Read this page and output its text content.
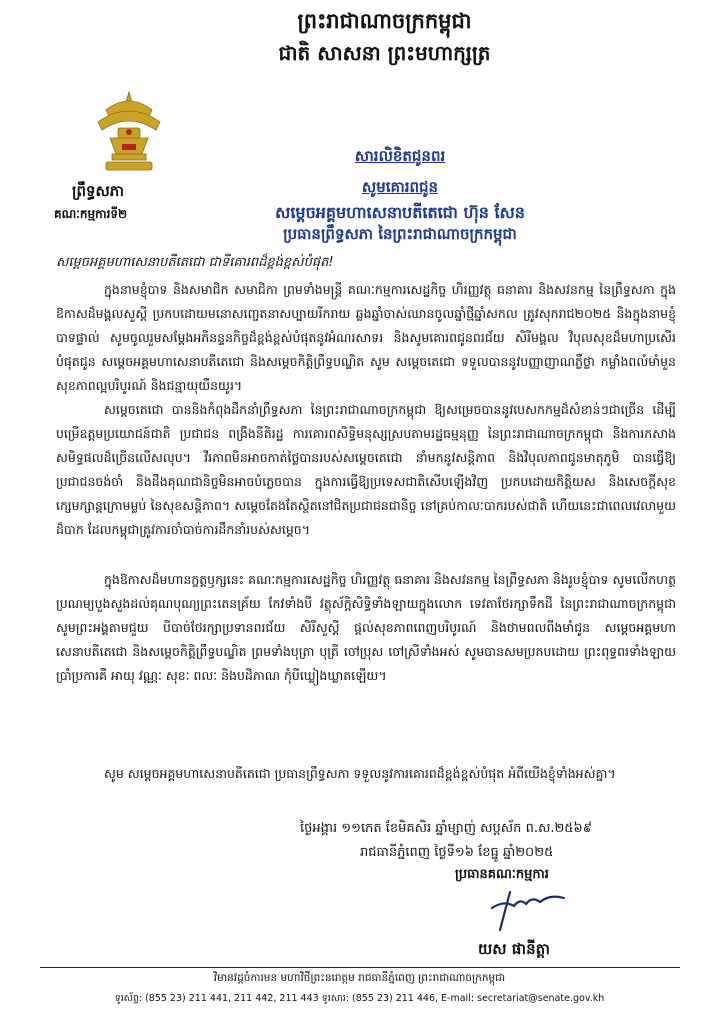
ព្រះរាជាណាចក្រកម្ពុជា
ជាតិ សាសនា ព្រះមហាក្សត្រ
ព្រឹទ្ធសភា
គណៈកម្មការទី២
សារលិខិតជូនពរ
សូមគោរពជូន
សម្ដេចអគ្គមហាសេនាបតីតេជោ ហ៊ុន សែន
ប្រធានព្រឹទ្ធសភា នៃព្រះរាជាណាចក្រកម្ពុជា
សម្ដេចអគ្គមហាសេនាបតីតេជោ ជាទីគោរពដ៏ខ្ពង់ខ្ពស់បំផុត!
ក្នុងនាមខ្ញុំបាទ និងសមាជិក សមាជិកា ព្រមទាំងមន្ត្រី គណៈកម្មការសេដ្ឋកិច្ច ហិរញ្ញវត្ថុ ធនាគារ និងសវនកម្ម នៃព្រឹទ្ធសភា ក្នុងឱកាសដ៏មង្គលសួស្ដី ប្រកបដោយមនោសញ្ចេតនាសប្បាយរីករាយ ឆ្លងឆ្នាំចាស់ឈានចូលឆ្នាំថ្មីឆ្នាំសកល ត្រូវសុករាជ២០២៥ និងក្នុងនាមខ្ញុំបាទផ្ទាល់ សូមចូលរួមសម្ដែងអភិនន្ទនកិច្ចដ៏ខ្ពង់ខ្ពស់បំផុតនូវអំណរសាទរ និងសូមគោរពជូនពរជ័យ សិរីមង្គល វិបុលសុខដ៏មហាប្រសើរបំផុតជូន សម្ដេចអគ្គមហាសេនាបតីតេជោ និងសម្ដេចកិត្តិព្រឹទ្ធបណ្ឌិត សូម សម្ដេចតេជោ ទទួលបាននូវបញ្ញាញាណភ្លឺថ្លា កម្លាំងពលំមាំមួន សុខភាពល្អបរិបូរណ៍ និងជន្មាយុយឺនយូរ។
សម្ដេចតេជោ បាននិងកំពុងដឹកនាំព្រឹទ្ធសភា នៃព្រះរាជាណាចក្រកម្ពុជា ឱ្យសម្រេចបាននូវបេសកកម្មដ៏សំខាន់ៗជាច្រើន ដើម្បីបម្រើឧត្តមប្រយោជន៍ជាតិ ប្រជាជន ពង្រឹងនីតិរដ្ឋ ការគោរពសិទ្ធិមនុស្សស្របតាមរដ្ឋធម្មនុញ្ញ នៃព្រះរាជាណាចក្រកម្ពុជា និងការកសាងសមិទ្ធផលដ៏ច្រើនលើសលុប។ វីរភាពមិនអាចកាត់ថ្លៃបានរបស់សម្ដេចតេជោ នាំមកនូវសន្តិភាព និងវិបុលភាពជូនមាតុភូមិ បានធ្វើឱ្យប្រជាជនចង់ចាំ និងដឹងគុណជានិច្ចមិនអាចបំភ្លេចបាន ក្នុងការធ្វើឱ្យប្រទេសជាតិសើបឡើងវិញ ប្រកបដោយកិត្តិយស និងសេចក្ដីសុខក្សេមក្សាន្តក្រោមម្លប់ នៃសុខសន្តិភាព។ សម្ដេចតែងតែស្ថិតនៅជិតប្រជាជនជានិច្ច នៅគ្រប់កាលៈបាករបស់ជាតិ ហើយនេះជាពេលវេលាមួយដ៏បាក ដែលកម្ពុជាត្រូវការចាំបាច់ការដឹកនាំរបស់សម្ដេច។
ក្នុងឱកាសដ៏មហានក្ខត្តឫក្សនេះ គណៈកម្មការសេដ្ឋកិច្ច ហិរញ្ញវត្ថុ ធនាគារ និងសវនកម្ម នៃព្រឹទ្ធសភា និងរូបខ្ញុំបាទ សូមលើកហត្ថប្រណម្យបួងសួងដល់គុណបុណ្យព្រះតេនគ្រ័យ កែវទាំងបី វត្ថុស័ក្តិសិទ្ធិទាំងឡាយក្នុងលោក ទេវតាថែរក្សាទឹកដី នៃព្រះរាជាណាចក្រកម្ពុជា សូមព្រះអង្គតាមជួយ បីបាច់ថែរក្សាប្រទានពរជ័យ សិរីសួស្ដី ផ្ដល់សុខភាពពេញបរិបូរណ៍ និងថាមពលពីងមាំជូន សម្ដេចអគ្គមហាសេនាបតីតេជោ និងសម្ដេចកិត្តិព្រឹទ្ធបណ្ឌិត ព្រមទាំងបុត្រា បុត្រី ចៅប្រុស ចៅស្រីទាំងអស់ សូមបានសមប្រកបដោយ ព្រះពុទ្ធពរទាំងឡាយប្រាំប្រការគឺ អាយុ វណ្ណៈ សុខៈ ពលៈ និងបដិភាណ កុំបីឃ្លៀងឃ្លាតឡើយ។
សូម សម្ដេចអគ្គមហាសេនាបតីតេជោ ប្រធានព្រឹទ្ធសភា ទទួលនូវការគោរពដ៏ខ្ពង់ខ្ពស់បំផុត អំពីយើងខ្ញុំទាំងអស់គ្នា។
ថ្ងៃអង្គារ ១១កេត ខែមិគសិរ ឆ្នាំម្សាញ់ សប្តស័ក ព.ស.២៥៦៩
រាជធានីភ្នំពេញ ថ្ងៃទី១៦ ខែធ្នូ ឆ្នាំ២០២៥
ប្រធានគណៈកម្មការ
យស ផានីត្តា
វិមានវដ្តចំការមន មហាវិថីព្រះនរោត្តម រាជធានីភ្នំពេញ ព្រះរាជាណាចក្រកម្ពុជា
ទូរស័ព្ទ: (855 23) 211 441, 211 442, 211 443 ទូរសារ: (855 23) 211 446, E-mail: secretariat@senate.gov.kh
